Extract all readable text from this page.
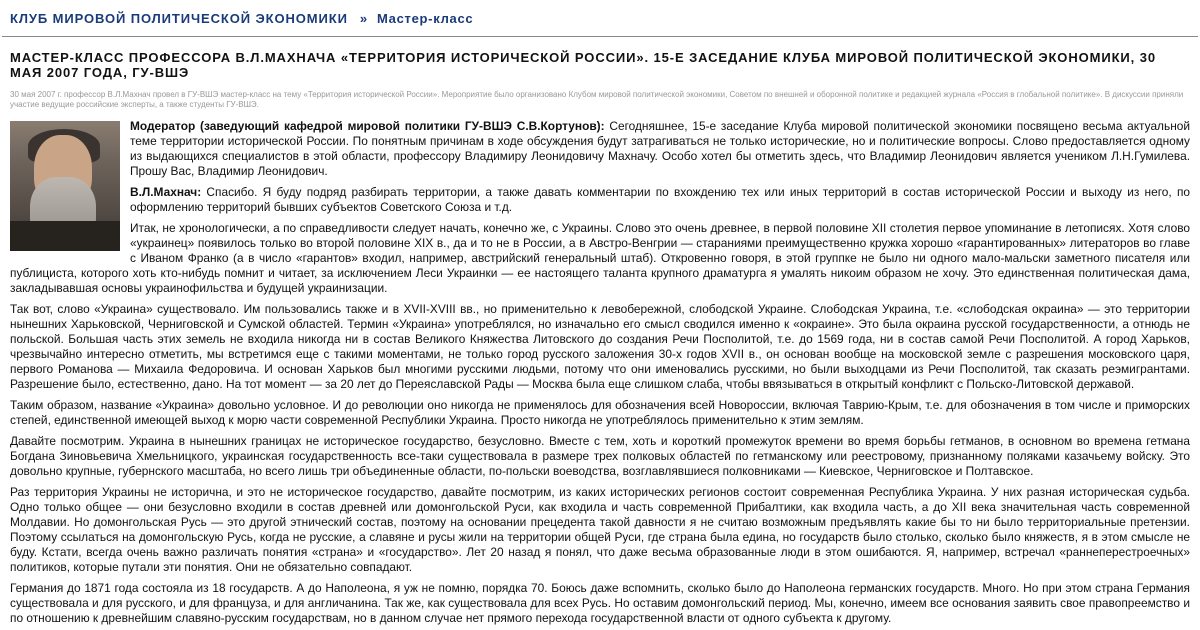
КЛУБ МИРОВОЙ ПОЛИТИЧЕСКОЙ ЭКОНОМИКИ » Мастер-класс
МАСТЕР-КЛАСС ПРОФЕССОРА В.Л.МАХНАЧА «ТЕРРИТОРИЯ ИСТОРИЧЕСКОЙ РОССИИ». 15-Е ЗАСЕДАНИЕ КЛУБА МИРОВОЙ ПОЛИТИЧЕСКОЙ ЭКОНОМИКИ, 30 МАЯ 2007 ГОДА, ГУ-ВШЭ
30 мая 2007 г. профессор В.Л.Махнач провел в ГУ-ВШЭ мастер-класс на тему «Территория исторической России». Мероприятие было организовано Клубом мировой политической экономики, Советом по внешней и оборонной политике и редакцией журнала «Россия в глобальной политике». В дискуссии приняли участие ведущие российские эксперты, а также студенты ГУ-ВШЭ.

Модератор (заведующий кафедрой мировой политики ГУ-ВШЭ С.В.Кортунов): Сегодняшнее, 15-е заседание Клуба мировой политической экономики посвящено весьма актуальной теме территории исторической России. По понятным причинам в ходе обсуждения будут затрагиваться не только исторические, но и политические вопросы. Слово предоставляется одному из выдающихся специалистов в этой области, профессору Владимиру Леонидовичу Махначу. Особо хотел бы отметить здесь, что Владимир Леонидович является учеником Л.Н.Гумилева. Прошу Вас, Владимир Леонидович.

В.Л.Махнач: Спасибо. Я буду подряд разбирать территории, а также давать комментарии по вхождению тех или иных территорий в состав исторической России и выходу из него, по оформлению территорий бывших субъектов Советского Союза и т.д.

Итак, не хронологически, а по справедливости следует начать, конечно же, с Украины. Слово это очень древнее, в первой половине XII столетия первое упоминание в летописях. Хотя слово «украинец» появилось только во второй половине XIX в., да и то не в России, а в Австро-Венгрии — стараниями преимущественно кружка хорошо «гарантированных» литераторов во главе с Иваном Франко (а в число «гарантов» входил, например, австрийский генеральный штаб). Откровенно говоря, в этой группке не было ни одного мало-мальски заметного писателя или публициста, которого хоть кто-нибудь помнит и читает, за исключением Леси Украинки — ее настоящего таланта крупного драматурга я умалять никоим образом не хочу. Это единственная политическая дама, закладывавшая основы украинофильства и будущей украинизации.

Так вот, слово «Украина» существовало. Им пользовались также и в XVII-XVIII вв., но применительно к левобережной, слободской Украине. Слободская Украина, т.е. «слободская окраина» — это территории нынешних Харьковской, Черниговской и Сумской областей. Термин «Украина» употреблялся, но изначально его смысл сводился именно к «окраине». Это была окраина русской государственности, а отнюдь не польской. Большая часть этих земель не входила никогда ни в состав Великого Княжества Литовского до создания Речи Посполитой, т.е. до 1569 года, ни в состав самой Речи Посполитой. А город Харьков, чрезвычайно интересно отметить, мы встретимся еще с такими моментами, не только город русского заложения 30-х годов XVII в., он основан вообще на московской земле с разрешения московского царя, первого Романова — Михаила Федоровича. И основан Харьков был многими русскими людьми, потому что они именовались русскими, но были выходцами из Речи Посполитой, так сказать реэмигрантами. Разрешение было, естественно, дано. На тот момент — за 20 лет до Переяславской Рады — Москва была еще слишком слаба, чтобы ввязываться в открытый конфликт с Польско-Литовской державой.

Таким образом, название «Украина» довольно условное. И до революции оно никогда не применялось для обозначения всей Новороссии, включая Таврию-Крым, т.е. для обозначения в том числе и приморских степей, единственной имеющей выход к морю части современной Республики Украина. Просто никогда не употреблялось применительно к этим землям.

Давайте посмотрим. Украина в нынешних границах не историческое государство, безусловно. Вместе с тем, хоть и короткий промежуток времени во время борьбы гетманов, в основном во времена гетмана Богдана Зиновьевича Хмельницкого, украинская государственность все-таки существовала в размере трех полковых областей по гетманскому или реестровому, признанному поляками казачьему войску. Это довольно крупные, губернского масштаба, но всего лишь три объединенные области, по-польски воеводства, возглавлявшиеся полковниками — Киевское, Черниговское и Полтавское.

Раз территория Украины не исторична, и это не историческое государство, давайте посмотрим, из каких исторических регионов состоит современная Республика Украина. У них разная историческая судьба. Одно только общее — они безусловно входили в состав древней или домонгольской Руси, как входила и часть современной Прибалтики, как входила часть, а до XII века значительная часть современной Молдавии. Но домонгольская Русь — это другой этнический состав, поэтому на основании прецедента такой давности я не считаю возможным предъявлять какие бы то ни было территориальные претензии. Поэтому ссылаться на домонгольскую Русь, когда не русские, а славяне и русы жили на территории общей Руси, где страна была едина, но государств было столько, сколько было княжеств, я в этом смысле не буду. Кстати, всегда очень важно различать понятия «страна» и «государство». Лет 20 назад я понял, что даже весьма образованные люди в этом ошибаются. Я, например, встречал «раннеперестроечных» политиков, которые путали эти понятия. Они не обязательно совпадают.

Германия до 1871 года состояла из 18 государств. А до Наполеона, я уж не помню, порядка 70. Боюсь даже вспомнить, сколько было до Наполеона германских государств. Много. Но при этом страна Германия существовала и для русского, и для француза, и для англичанина. Так же, как существовала для всех Русь. Но оставим домонгольский период. Мы, конечно, имеем все основания заявить свое правопреемство и по отношению к древнейшим славяно-русским государствам, но в данном случае нет прямого перехода государственной власти от одного субъекта к другому.
